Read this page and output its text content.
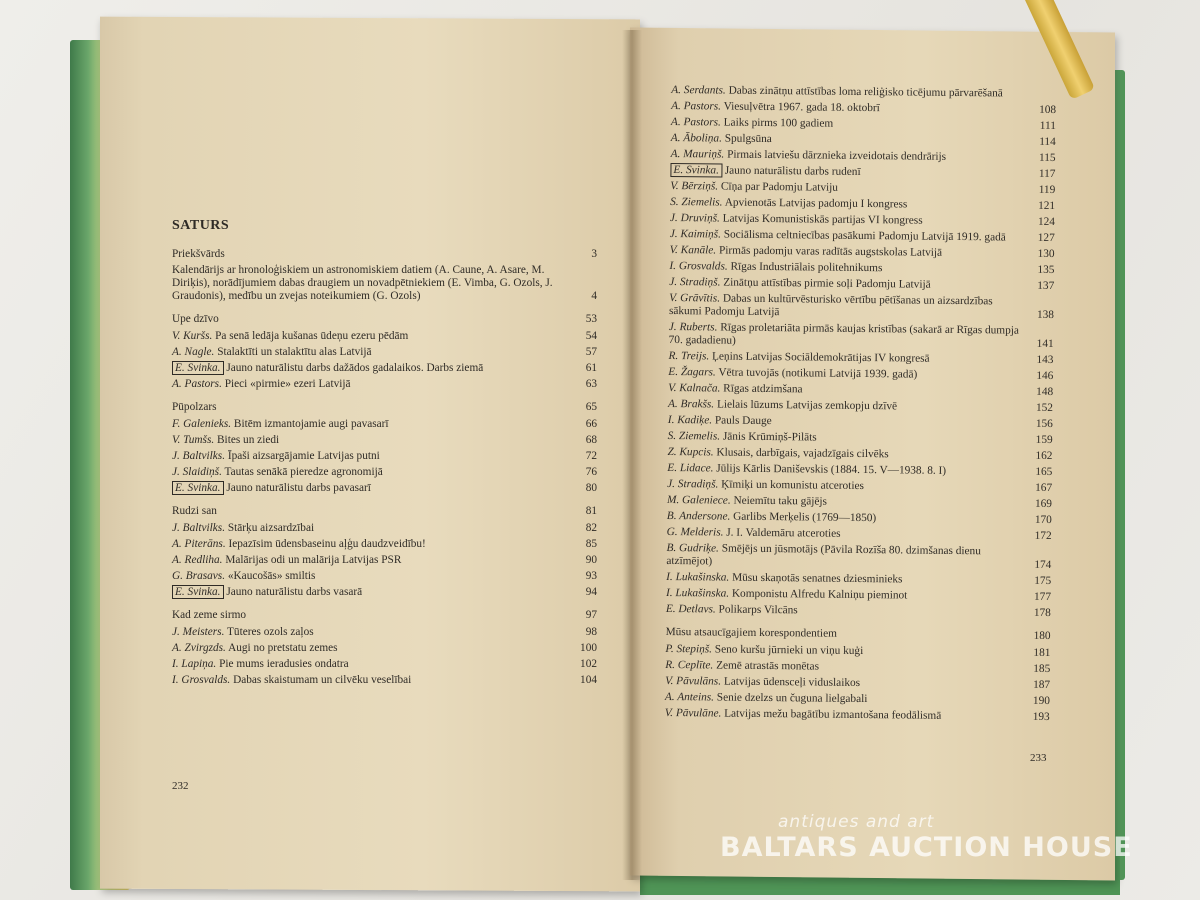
SATURS
Priekšvārds	3
Kalendārijs ar hronoloģiskiem un astronomiskiem datiem (A. Caune, A. Asare, M. Diriķis), norādījumiem dabas draugiem un novadpētniekiem (E. Vimba, G. Ozols, J. Graudonis), medību un zvejas noteikumiem (G. Ozols)	4
Upe dzīvo	53
V. Kuršs. Pa senā ledāja kušanas ūdeņu ezeru pēdām	54
A. Nagle. Stalaktīti un stalaktītu alas Latvijā	57
E. Svinka. Jauno naturālistu darbs dažādos gadalaikos. Darbs ziemā	61
A. Pastors. Pieci «pirmie» ezeri Latvijā	63
Pūpolzars	65
F. Galenieks. Bitēm izmantojamie augi pavasarī	66
V. Tumšs. Bites un ziedi	68
J. Baltvilks. Īpaši aizsargājamie Latvijas putni	72
J. Slaidiņš. Tautas senākā pieredze agronomijā	76
E. Svinka. Jauno naturālistu darbs pavasarī	80
Rudzi san	81
J. Baltvilks. Stārķu aizsardzībai	82
A. Piterāns. Iepazīsim ūdensbaseinu aļģu daudzveidību!	85
A. Redliha. Malārijas odi un malārija Latvijas PSR	90
G. Brasavs. «Kaucošās» smiltis	93
E. Svinka. Jauno naturālistu darbs vasarā	94
Kad zeme sirmo	97
J. Meisters. Tūteres ozols zaļos	98
A. Zvirgzds. Augi no pretstatu zemes	100
I. Lapiņa. Pie mums ieradusies ondatra	102
I. Grosvalds. Dabas skaistumam un cilvēku veselībai	104
232
A. Serdants. Dabas zinātņu attīstības loma reliģisko ticējumu pārvarēšanā
A. Pastors. Viesuļvētra 1967. gada 18. oktobrī	108
A. Pastors. Laiks pirms 100 gadiem	111
A. Āboliņa. Spulgsūna	114
A. Mauriņš. Pirmais latviešu dārznieka izveidotais dendrārijs	115
E. Svinka. Jauno naturālistu darbs rudenī	117
V. Bērziņš. Cīņa par Padomju Latviju	119
S. Ziemelis. Apvienotās Latvijas padomju I kongress	121
J. Druviņš. Latvijas Komunistiskās partijas VI kongress	124
J. Kaimiņš. Sociālisma celtniecības pasākumi Padomju Latvijā 1919. gadā	127
V. Kanāle. Pirmās padomju varas radītās augstskolas Latvijā	130
I. Grosvalds. Rīgas Industriālais politehnikums	135
J. Stradiņš. Zinātņu attīstības pirmie soļi Padomju Latvijā	137
V. Grāvītis. Dabas un kultūrvēsturisko vērtību pētīšanas un aizsardzības sākumi Padomju Latvijā	138
J. Ruberts. Rīgas proletariāta pirmās kaujas kristības (sakarā ar Rīgas dumpja 70. gadadienu)	141
R. Treijs. Ļeņins Latvijas Sociāldemokrātijas IV kongresā	143
E. Žagars. Vētra tuvojās (notikumi Latvijā 1939. gadā)	146
V. Kalnača. Rīgas atdzimšana	148
A. Brakšs. Lielais lūzums Latvijas zemkopju dzīvē	152
I. Kadiķe. Pauls Dauge	156
S. Ziemelis. Jānis Krūmiņš-Pilāts	159
Z. Kupcis. Klusais, darbīgais, vajadzīgais cilvēks	162
E. Lidace. Jūlijs Kārlis Daniševskis (1884. 15. V—1938. 8. I)	165
J. Stradiņš. Ķīmiķi un komunistu atceroties	167
M. Galeniece. Neiemītu taku gājējs	169
B. Andersone. Garlibs Merķelis (1769—1850)	170
G. Melderis. J. I. Valdemāru atceroties	172
B. Gudriķe. Smējējs un jūsmotājs (Pāvila Rozīša 80. dzimšanas dienu atzīmējot)	174
I. Lukašinska. Mūsu skaņotās senatnes dziesminieks	175
I. Lukašinska. Komponistu Alfredu Kalniņu pieminot	177
E. Detlavs. Polikarps Vilcāns	178
Mūsu atsaucīgajiem korespondentiem	180
P. Stepiņš. Seno kuršu jūrnieki un viņu kuģi	181
R. Ceplīte. Zemē atrastās monētas	185
V. Pāvulāns. Latvijas ūdensceļi viduslaikos	187
A. Anteins. Senie dzelzs un čuguna lielgabali	190
V. Pāvulāne. Latvijas mežu bagātību izmantošana feodālismā	193
233
antiques and art
BALTARS AUCTION HOUSE
